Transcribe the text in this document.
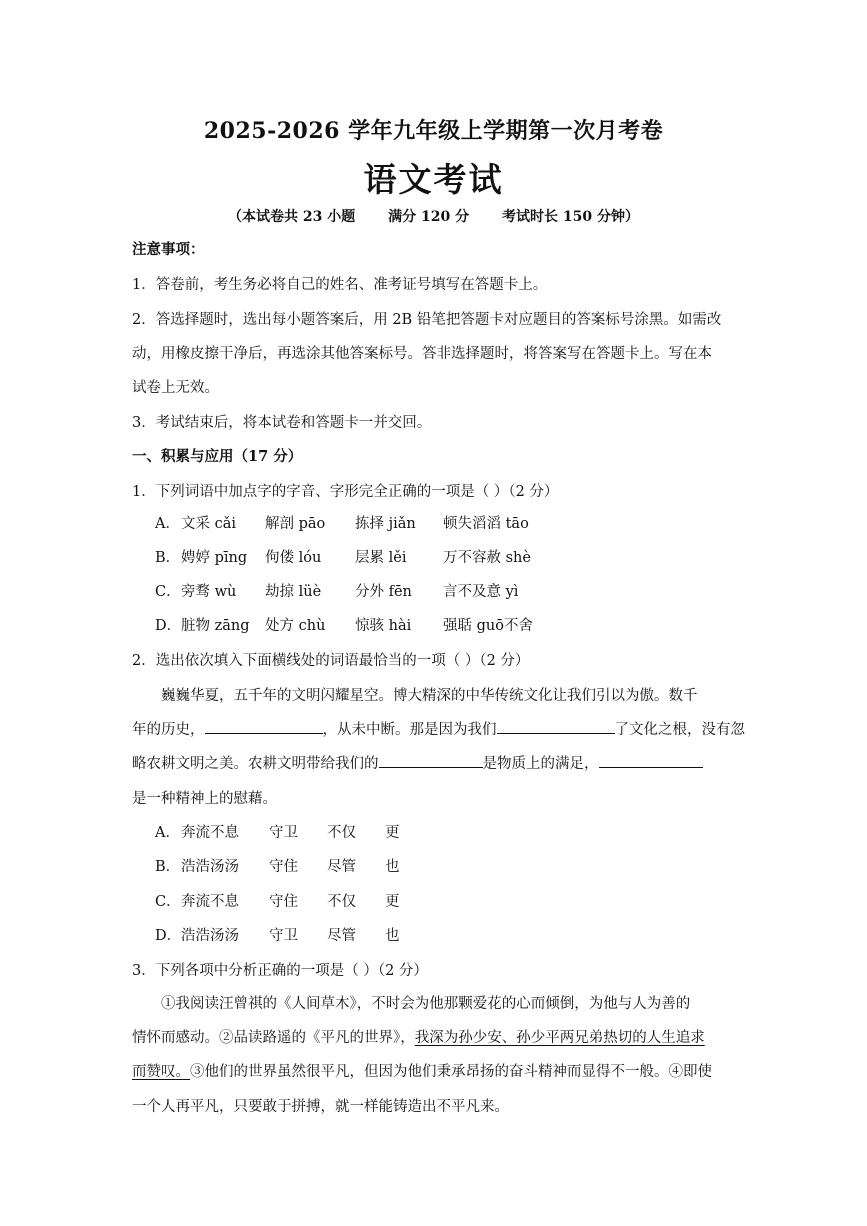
2025-2026 学年九年级上学期第一次月考卷
语文考试
（本试卷共 23 小题 满分 120 分 考试时长 150 分钟）
注意事项：
1．答卷前，考生务必将自己的姓名、准考证号填写在答题卡上。
2．答选择题时，选出每小题答案后，用 2B 铅笔把答题卡对应题目的答案标号涂黑。如需改
动，用橡皮擦干净后，再选涂其他答案标号。答非选择题时，将答案写在答题卡上。写在本
试卷上无效。
3．考试结束后，将本试卷和答题卡一并交回。
一、积累与应用（17 分）
1．下列词语中加点字的字音、字形完全正确的一项是（ ）（2 分）
A．文采 cǎi 解剖 pāo 拣择 jiǎn 顿失滔滔 tāo
B．娉婷 pīng 佝偻 lóu 层累 lěi	万不容赦 shè
C．旁骛 wù 劫掠 lüè 分外 fēn 言不及意 yì
D．脏物 zāng 处方 chù 惊骇 hài 强聒 guō不舍
2．选出依次填入下面横线处的词语最恰当的一项（ ）（2 分）
巍巍华夏，五千年的文明闪耀星空。博大精深的中华传统文化让我们引以为傲。数千
年的历史，	，从未中断。那是因为我们	了文化之根，没有忽
略农耕文明之美。农耕文明带给我们的	是物质上的满足，
是一种精神上的慰藉。
A．奔流不息 守卫 不仅 更
B．浩浩汤汤 守住 尽管 也
C．奔流不息 守住 不仅 更
D．浩浩汤汤 守卫 尽管 也
3．下列各项中分析正确的一项是（ ）（2 分）
①我阅读汪曾祺的《人间草木》，不时会为他那颗爱花的心而倾倒，为他与人为善的
情怀而感动。②品读路遥的《平凡的世界》，我深为孙少安、孙少平两兄弟热切的人生追求
而赞叹。③他们的世界虽然很平凡，但因为他们秉承昂扬的奋斗精神而显得不一般。④即使
一个人再平凡，只要敢于拼搏，就一样能铸造出不平凡来。
